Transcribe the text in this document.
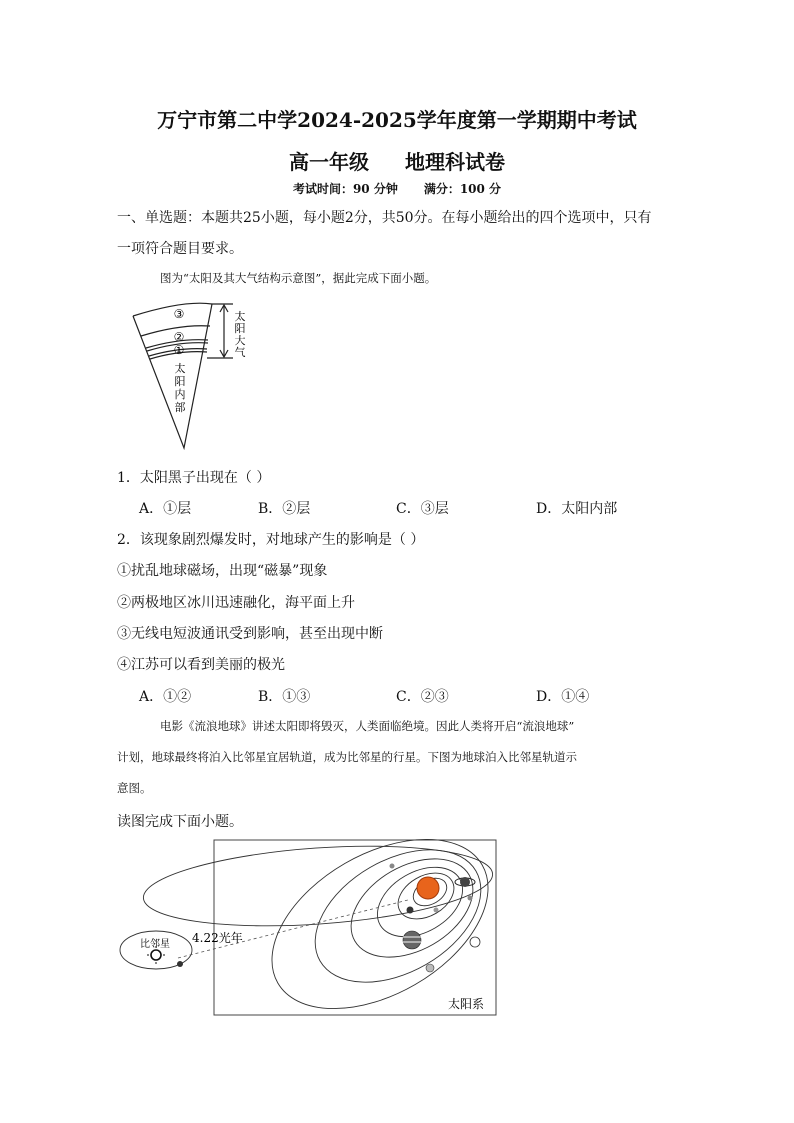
万宁市第二中学2024-2025学年度第一学期期中考试
高一年级 地理科试卷
考试时间：90 分钟 满分：100 分
一、单选题：本题共25小题，每小题2分，共50分。在每小题给出的四个选项中，只有
一项符合题目要求。
图为“太阳及其大气结构示意图”，据此完成下面小题。
③
②
①
太
阳
大
气
太
阳
内
部
1．太阳黑子出现在（ ）
A．①层	B．②层	C．③层	D．太阳内部
2．该现象剧烈爆发时，对地球产生的影响是（ ）
①扰乱地球磁场，出现“磁暴”现象
②两极地区冰川迅速融化，海平面上升
③无线电短波通讯受到影响，甚至出现中断
④江苏可以看到美丽的极光
A．①②	B．①③	C．②③	D．①④
电影《流浪地球》讲述太阳即将毁灭，人类面临绝境。因此人类将开启“流浪地球”
计划，地球最终将泊入比邻星宜居轨道，成为比邻星的行星。下图为地球泊入比邻星轨道示
意图。
读图完成下面小题。
比邻星 4.22光年
太阳系
